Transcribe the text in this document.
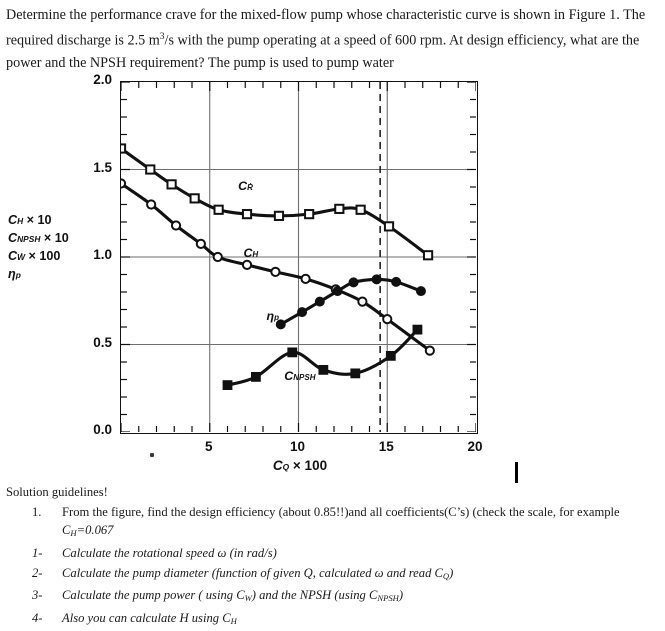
Determine the performance crave for the mixed-flow pump whose characteristic curve is shown in Figure 1. The required discharge is 2.5 $m^3/s$ with the pump operating at a speed of 600 rpm. At design efficiency, what are the power and the NPSH requirement? The pump is used to pump water
CH × 10
CNPSH × 10
CẆ × 100
ηp
CṘ
CH
ηp
CNPSH
CQ × 100
0.0
0.5
1.0
1.5
2.0
5	10	15	20
Solution guidelines!
1.	From the figure, find the design efficiency (about 0.85!!)and all coefficients(C’s) (check the scale, for example
$C_H=0.067$
1-	Calculate the rotational speed ω (in rad/s)
2-	Calculate the pump diameter (function of given Q, calculated ω and read $C_Q$)
3-	Calculate the pump power ( using $C_W$) and the NPSH (using $C_{NPSH}$)
4-	Also you can calculate H using $C_H$
